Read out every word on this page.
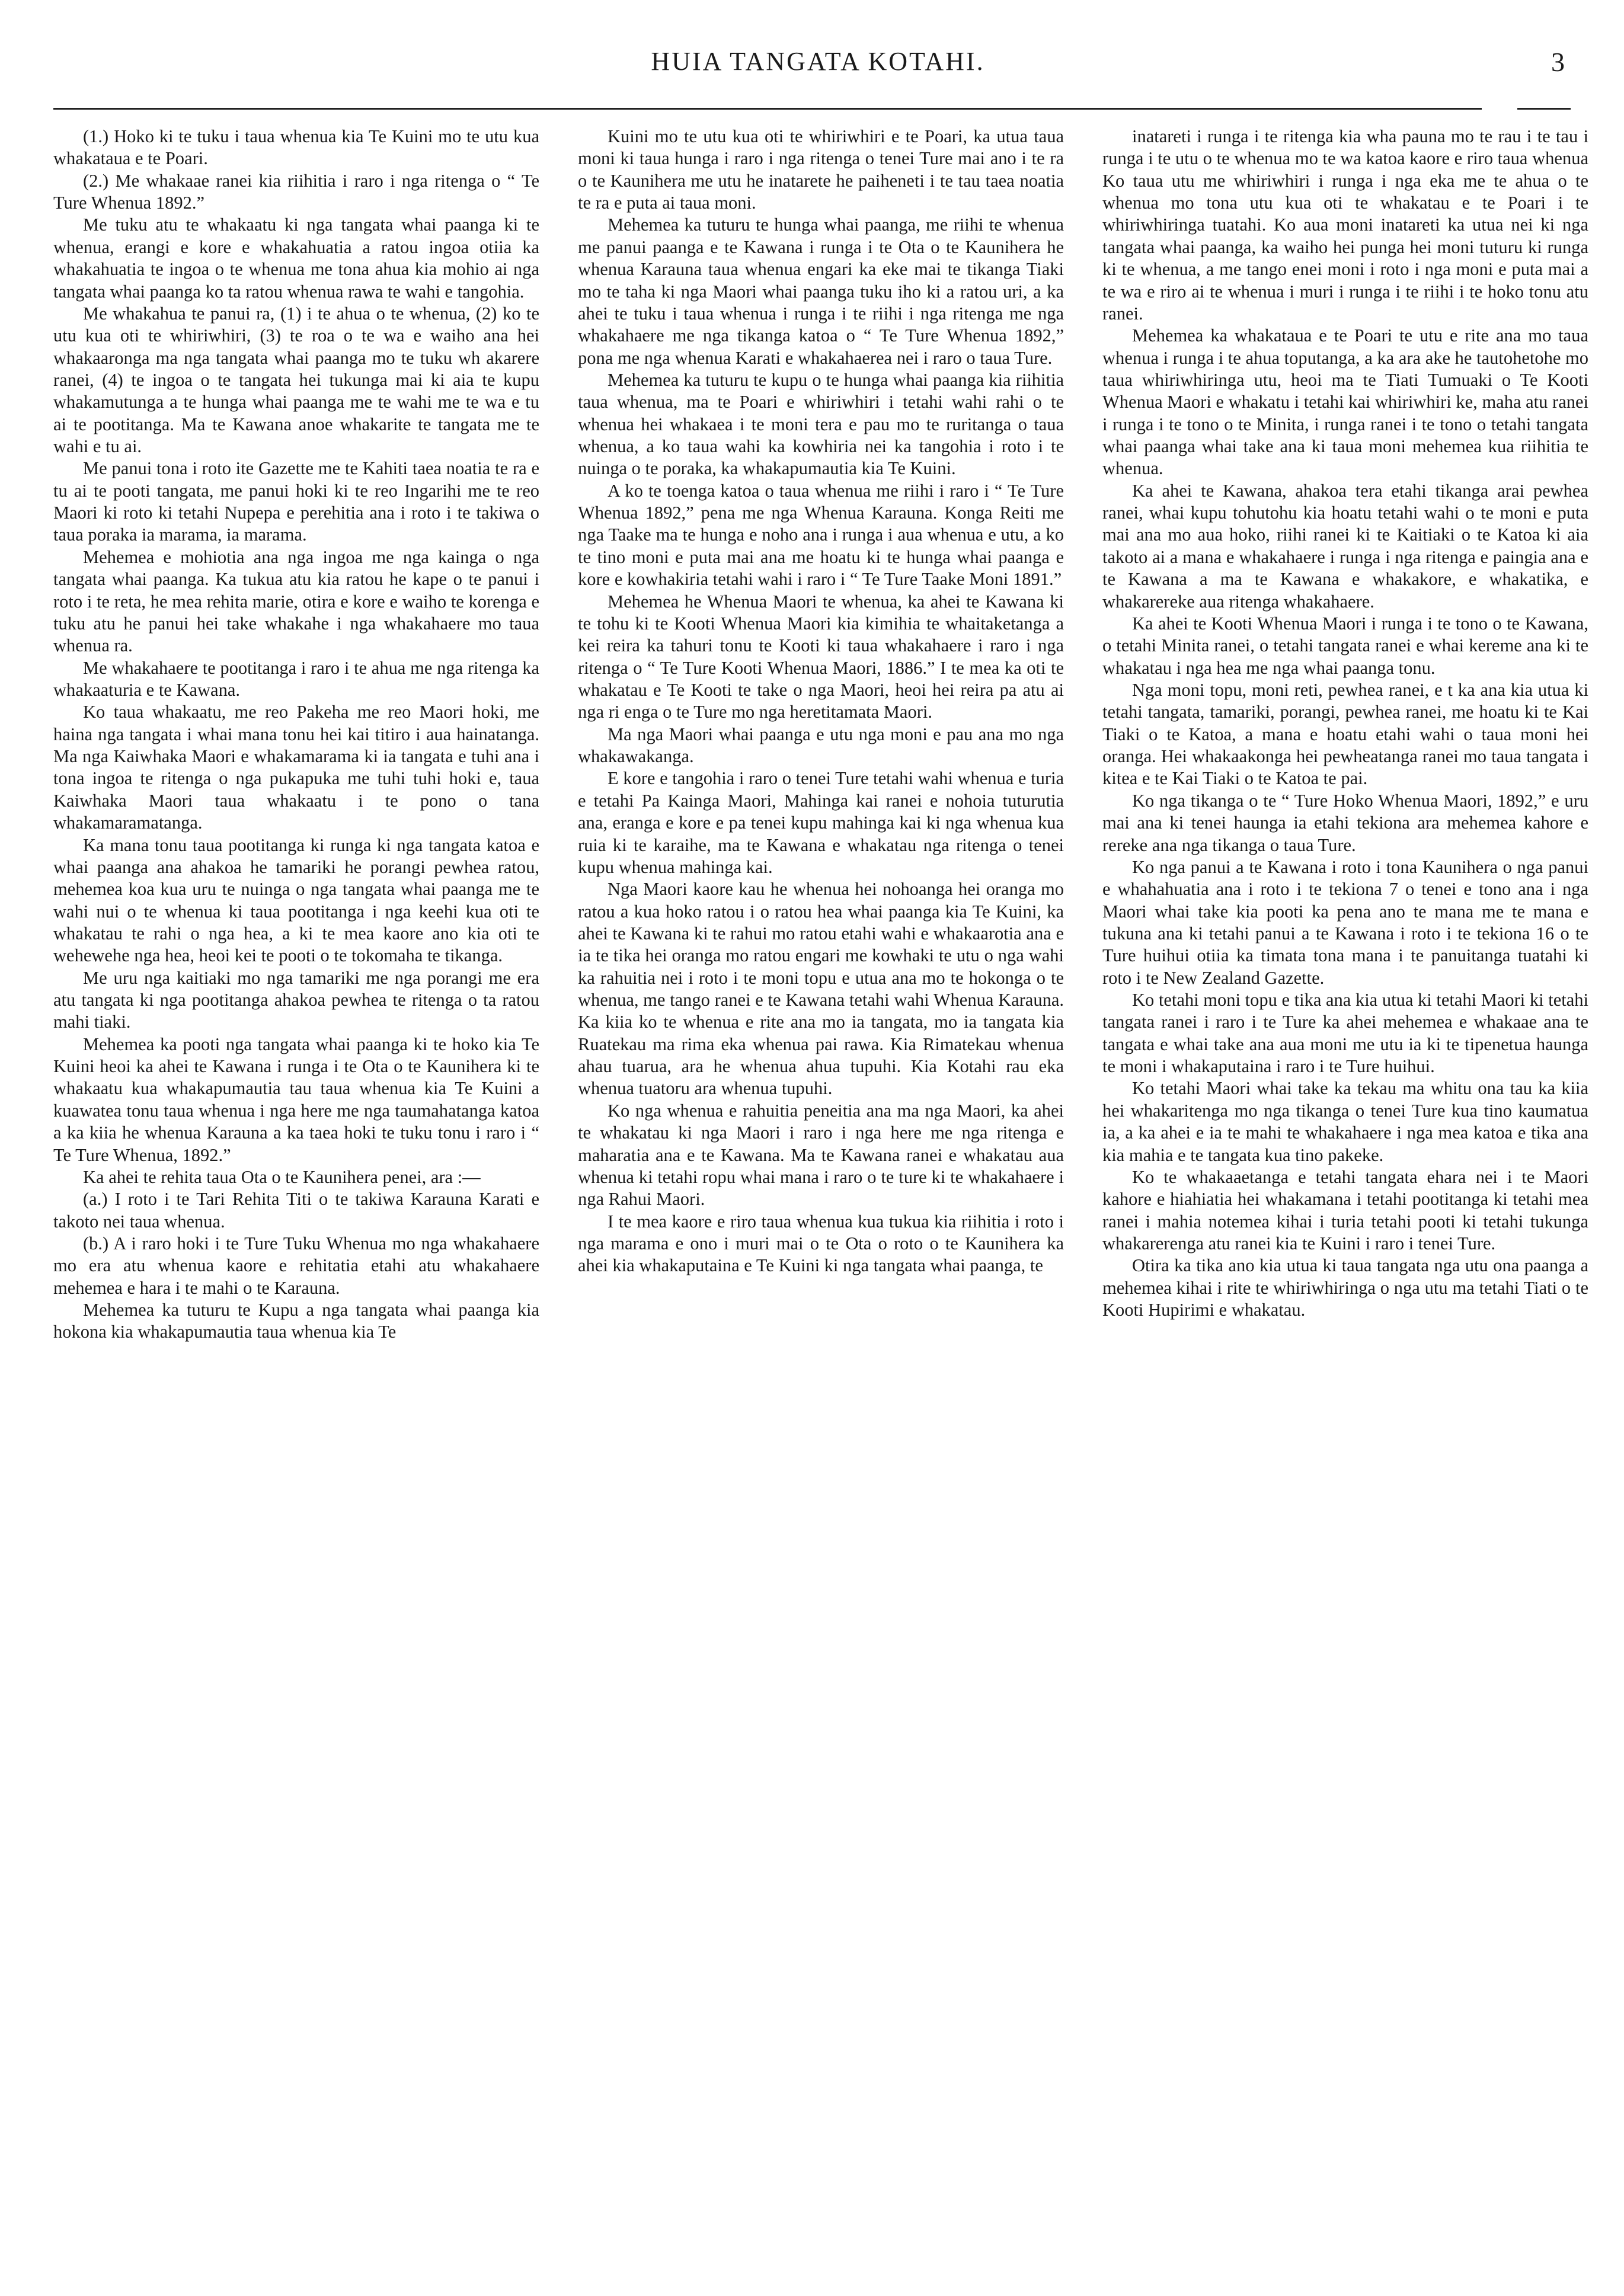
HUIA TANGATA KOTAHI.	3

(1.) Hoko ki te tuku i taua whenua kia Te Kuini mo te utu kua whakataua e te Poari.

(2.) Me whakaae ranei kia riihitia i raro i nga ritenga o “ Te Ture Whenua 1892.”

Me tuku atu te whakaatu ki nga tangata whai paanga ki te whenua, erangi e kore e whakahuatia a ratou ingoa otiia ka whakahuatia te ingoa o te whenua me tona ahua kia mohio ai nga tangata whai paanga ko ta ratou whenua rawa te wahi e tangohia.

Me whakahua te panui ra, (1) i te ahua o te whenua, (2) ko te utu kua oti te whiriwhiri, (3) te roa o te wa e waiho ana hei whakaaronga ma nga tangata whai paanga mo te tuku wh akarere ranei, (4) te ingoa o te tangata hei tukunga mai ki aia te kupu whakamutunga a te hunga whai paanga me te wahi me te wa e tu ai te pootitanga. Ma te Kawana anoe whakarite te tangata me te wahi e tu ai.

Me panui tona i roto ite Gazette me te Kahiti taea noatia te ra e tu ai te pooti tangata, me panui hoki ki te reo Ingarihi me te reo Maori ki roto ki tetahi Nupepa e perehitia ana i roto i te takiwa o taua poraka ia marama, ia marama.

Mehemea e mohiotia ana nga ingoa me nga kainga o nga tangata whai paanga. Ka tukua atu kia ratou he kape o te panui i roto i te reta, he mea rehita marie, otira e kore e waiho te korenga e tuku atu he panui hei take whakahe i nga whakahaere mo taua whenua ra.

Me whakahaere te pootitanga i raro i te ahua me nga ritenga ka whakaaturia e te Kawana.

Ko taua whakaatu, me reo Pakeha me reo Maori hoki, me haina nga tangata i whai mana tonu hei kai titiro i aua hainatanga. Ma nga Kaiwhaka Maori e whakamarama ki ia tangata e tuhi ana i tona ingoa te ritenga o nga pukapuka me tuhi tuhi hoki e, taua Kaiwhaka Maori taua whakaatu i te pono o tana whakamaramatanga.

Ka mana tonu taua pootitanga ki runga ki nga tangata katoa e whai paanga ana ahakoa he tamariki he porangi pewhea ratou, mehemea koa kua uru te nuinga o nga tangata whai paanga me te wahi nui o te whenua ki taua pootitanga i nga keehi kua oti te whakatau te rahi o nga hea, a ki te mea kaore ano kia oti te wehewehe nga hea, heoi kei te pooti o te tokomaha te tikanga.

Me uru nga kaitiaki mo nga tamariki me nga porangi me era atu tangata ki nga pootitanga ahakoa pewhea te ritenga o ta ratou mahi tiaki.

Mehemea ka pooti nga tangata whai paanga ki te hoko kia Te Kuini heoi ka ahei te Kawana i runga i te Ota o te Kaunihera ki te whakaatu kua whakapumautia tau taua whenua kia Te Kuini a kuawatea tonu taua whenua i nga here me nga taumahatanga katoa a ka kiia he whenua Karauna a ka taea hoki te tuku tonu i raro i “ Te Ture Whenua, 1892.”

Ka ahei te rehita taua Ota o te Kaunihera penei, ara :—

(a.) I roto i te Tari Rehita Titi o te takiwa Karauna Karati e takoto nei taua whenua.

(b.) A i raro hoki i te Ture Tuku Whenua mo nga whakahaere mo era atu whenua kaore e rehitatia etahi atu whakahaere mehemea e hara i te mahi o te Karauna.

Mehemea ka tuturu te Kupu a nga tangata whai paanga kia hokona kia whakapumautia taua whenua kia Te

Kuini mo te utu kua oti te whiriwhiri e te Poari, ka utua taua moni ki taua hunga i raro i nga ritenga o tenei Ture mai ano i te ra o te Kaunihera me utu he inatarete he paiheneti i te tau taea noatia te ra e puta ai taua moni.

Mehemea ka tuturu te hunga whai paanga, me riihi te whenua me panui paanga e te Kawana i runga i te Ota o te Kaunihera he whenua Karauna taua whenua engari ka eke mai te tikanga Tiaki mo te taha ki nga Maori whai paanga tuku iho ki a ratou uri, a ka ahei te tuku i taua whenua i runga i te riihi i nga ritenga me nga whakahaere me nga tikanga katoa o “ Te Ture Whenua 1892,” pona me nga whenua Karati e whakahaerea nei i raro o taua Ture.

Mehemea ka tuturu te kupu o te hunga whai paanga kia riihitia taua whenua, ma te Poari e whiriwhiri i tetahi wahi rahi o te whenua hei whakaea i te moni tera e pau mo te ruritanga o taua whenua, a ko taua wahi ka kowhiria nei ka tangohia i roto i te nuinga o te poraka, ka whakapumautia kia Te Kuini.

A ko te toenga katoa o taua whenua me riihi i raro i “ Te Ture Whenua 1892,” pena me nga Whenua Karauna. Konga Reiti me nga Taake ma te hunga e noho ana i runga i aua whenua e utu, a ko te tino moni e puta mai ana me hoatu ki te hunga whai paanga e kore e kowhakiria tetahi wahi i raro i “ Te Ture Taake Moni 1891.”

Mehemea he Whenua Maori te whenua, ka ahei te Kawana ki te tohu ki te Kooti Whenua Maori kia kimihia te whaitaketanga a kei reira ka tahuri tonu te Kooti ki taua whakahaere i raro i nga ritenga o “ Te Ture Kooti Whenua Maori, 1886.” I te mea ka oti te whakatau e Te Kooti te take o nga Maori, heoi hei reira pa atu ai nga ri enga o te Ture mo nga heretitamata Maori.

Ma nga Maori whai paanga e utu nga moni e pau ana mo nga whakawakanga.

E kore e tangohia i raro o tenei Ture tetahi wahi whenua e turia e tetahi Pa Kainga Maori, Mahinga kai ranei e nohoia tuturutia ana, eranga e kore e pa tenei kupu mahinga kai ki nga whenua kua ruia ki te karaihe, ma te Kawana e whakatau nga ritenga o tenei kupu whenua mahinga kai.

Nga Maori kaore kau he whenua hei nohoanga hei oranga mo ratou a kua hoko ratou i o ratou hea whai paanga kia Te Kuini, ka ahei te Kawana ki te rahui mo ratou etahi wahi e whakaarotia ana e ia te tika hei oranga mo ratou engari me kowhaki te utu o nga wahi ka rahuitia nei i roto i te moni topu e utua ana mo te hokonga o te whenua, me tango ranei e te Kawana tetahi wahi Whenua Karauna. Ka kiia ko te whenua e rite ana mo ia tangata, mo ia tangata kia Ruatekau ma rima eka whenua pai rawa. Kia Rimatekau whenua ahau tuarua, ara he whenua ahua tupuhi. Kia Kotahi rau eka whenua tuatoru ara whenua tupuhi.

Ko nga whenua e rahuitia peneitia ana ma nga Maori, ka ahei te whakatau ki nga Maori i raro i nga here me nga ritenga e maharatia ana e te Kawana. Ma te Kawana ranei e whakatau aua whenua ki tetahi ropu whai mana i raro o te ture ki te whakahaere i nga Rahui Maori.

I te mea kaore e riro taua whenua kua tukua kia riihitia i roto i nga marama e ono i muri mai o te Ota o roto o te Kaunihera ka ahei kia whakaputaina e Te Kuini ki nga tangata whai paanga, te

inatareti i runga i te ritenga kia wha pauna mo te rau i te tau i runga i te utu o te whenua mo te wa katoa kaore e riro taua whenua Ko taua utu me whiriwhiri i runga i nga eka me te ahua o te whenua mo tona utu kua oti te whakatau e te Poari i te whiriwhiringa tuatahi. Ko aua moni inatareti ka utua nei ki nga tangata whai paanga, ka waiho hei punga hei moni tuturu ki runga ki te whenua, a me tango enei moni i roto i nga moni e puta mai a te wa e riro ai te whenua i muri i runga i te riihi i te hoko tonu atu ranei.

Mehemea ka whakataua e te Poari te utu e rite ana mo taua whenua i runga i te ahua toputanga, a ka ara ake he tautohetohe mo taua whiriwhiringa utu, heoi ma te Tiati Tumuaki o Te Kooti Whenua Maori e whakatu i tetahi kai whiriwhiri ke, maha atu ranei i runga i te tono o te Minita, i runga ranei i te tono o tetahi tangata whai paanga whai take ana ki taua moni mehemea kua riihitia te whenua.

Ka ahei te Kawana, ahakoa tera etahi tikanga arai pewhea ranei, whai kupu tohutohu kia hoatu tetahi wahi o te moni e puta mai ana mo aua hoko, riihi ranei ki te Kaitiaki o te Katoa ki aia takoto ai a mana e whakahaere i runga i nga ritenga e paingia ana e te Kawana a ma te Kawana e whakakore, e whakatika, e whakarereke aua ritenga whakahaere.

Ka ahei te Kooti Whenua Maori i runga i te tono o te Kawana, o tetahi Minita ranei, o tetahi tangata ranei e whai kereme ana ki te whakatau i nga hea me nga whai paanga tonu.

Nga moni topu, moni reti, pewhea ranei, e t ka ana kia utua ki tetahi tangata, tamariki, porangi, pewhea ranei, me hoatu ki te Kai Tiaki o te Katoa, a mana e hoatu etahi wahi o taua moni hei oranga. Hei whakaakonga hei pewheatanga ranei mo taua tangata i kitea e te Kai Tiaki o te Katoa te pai.

Ko nga tikanga o te “ Ture Hoko Whenua Maori, 1892,” e uru mai ana ki tenei haunga ia etahi tekiona ara mehemea kahore e rereke ana nga tikanga o taua Ture.

Ko nga panui a te Kawana i roto i tona Kaunihera o nga panui e whahahuatia ana i roto i te tekiona 7 o tenei e tono ana i nga Maori whai take kia pooti ka pena ano te mana me te mana e tukuna ana ki tetahi panui a te Kawana i roto i te tekiona 16 o te Ture huihui otiia ka timata tona mana i te panuitanga tuatahi ki roto i te New Zealand Gazette.

Ko tetahi moni topu e tika ana kia utua ki tetahi Maori ki tetahi tangata ranei i raro i te Ture ka ahei mehemea e whakaae ana te tangata e whai take ana aua moni me utu ia ki te tipenetua haunga te moni i whakaputaina i raro i te Ture huihui.

Ko tetahi Maori whai take ka tekau ma whitu ona tau ka kiia hei whakaritenga mo nga tikanga o tenei Ture kua tino kaumatua ia, a ka ahei e ia te mahi te whakahaere i nga mea katoa e tika ana kia mahia e te tangata kua tino pakeke.

Ko te whakaaetanga e tetahi tangata ehara nei i te Maori kahore e hiahiatia hei whakamana i tetahi pootitanga ki tetahi mea ranei i mahia notemea kihai i turia tetahi pooti ki tetahi tukunga whakarerenga atu ranei kia te Kuini i raro i tenei Ture.

Otira ka tika ano kia utua ki taua tangata nga utu ona paanga a mehemea kihai i rite te whiriwhiringa o nga utu ma tetahi Tiati o te Kooti Hupirimi e whakatau.
